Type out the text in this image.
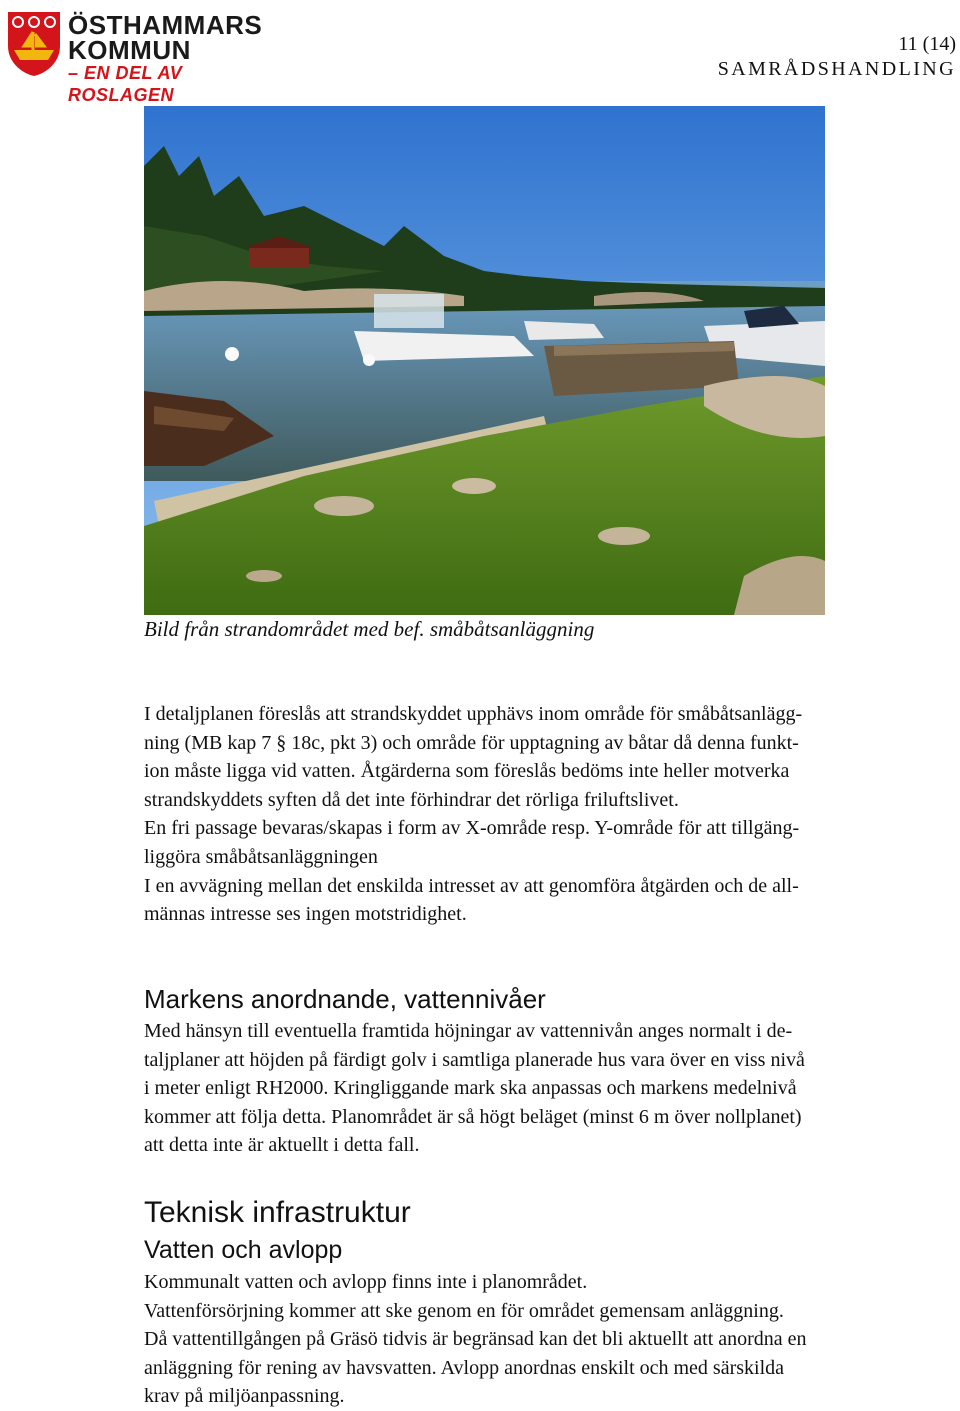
ÖSTHAMMARS
KOMMUN
– EN DEL AV ROSLAGEN
11 (14)
SAMRÅDSHANDLING
Bild från strandområdet med bef. småbåtsanläggning
I detaljplanen föreslås att strandskyddet upphävs inom område för småbåtsanlägg-
ning (MB kap 7 § 18c, pkt 3) och område för upptagning av båtar då denna funkt-
ion måste ligga vid vatten. Åtgärderna som föreslås bedöms inte heller motverka
strandskyddets syften då det inte förhindrar det rörliga friluftslivet.
En fri passage bevaras/skapas i form av X-område resp. Y-område för att tillgäng-
liggöra småbåtsanläggningen
I en avvägning mellan det enskilda intresset av att genomföra åtgärden och de all-
männas intresse ses ingen motstridighet.
Markens anordnande, vattennivåer
Med hänsyn till eventuella framtida höjningar av vattennivån anges normalt i de-
taljplaner att höjden på färdigt golv i samtliga planerade hus vara över en viss nivå
i meter enligt RH2000. Kringliggande mark ska anpassas och markens medelnivå
kommer att följa detta. Planområdet är så högt beläget (minst 6 m över nollplanet)
att detta inte är aktuellt i detta fall.
Teknisk infrastruktur
Vatten och avlopp
Kommunalt vatten och avlopp finns inte i planområdet.
Vattenförsörjning kommer att ske genom en för området gemensam anläggning.
Då vattentillgången på Gräsö tidvis är begränsad kan det bli aktuellt att anordna en
anläggning för rening av havsvatten. Avlopp anordnas enskilt och med särskilda
krav på miljöanpassning.
